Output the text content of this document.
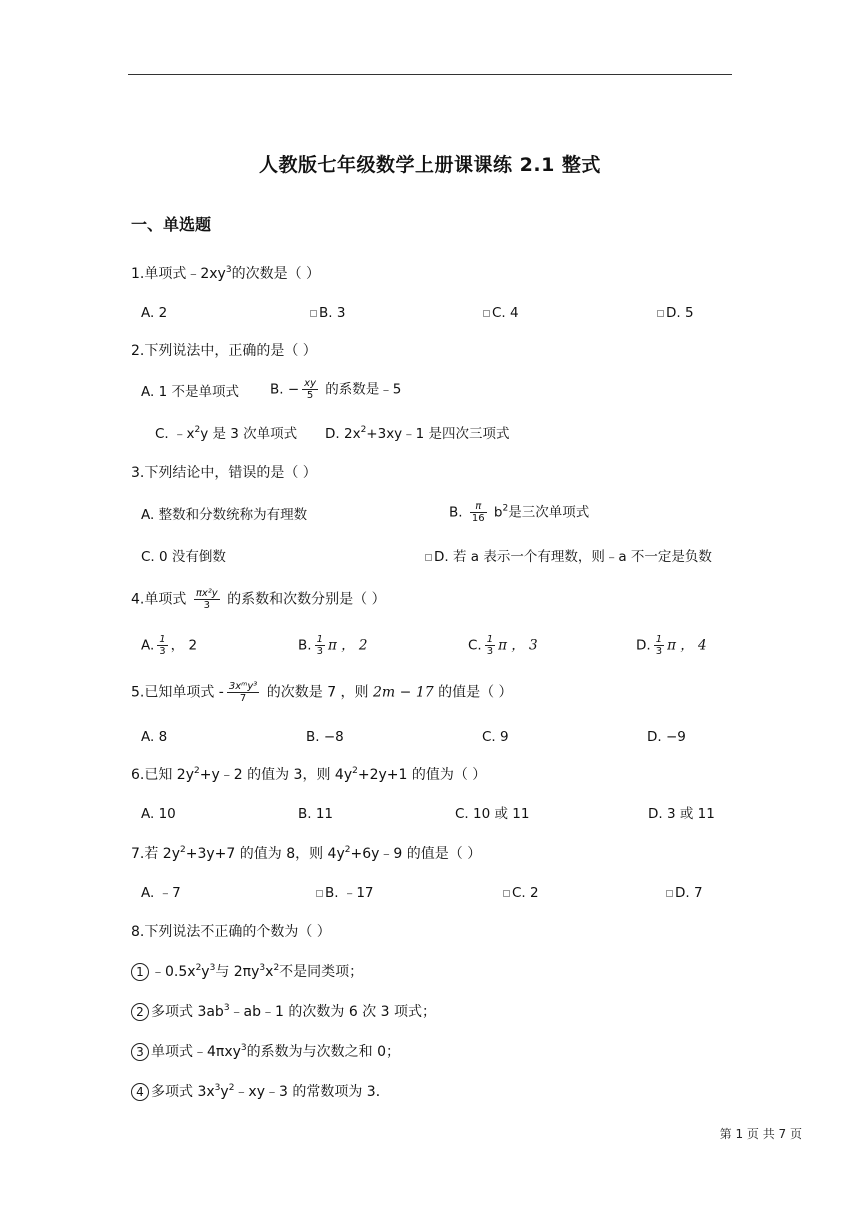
人教版七年级数学上册课课练 2.1 整式
一、单选题
1.单项式$﹣2xy^3$的次数是（ ）
A. 2	B. 3	C. 4	D. 5
2.下列说法中，正确的是（ ）
A. 1 不是单项式 B. − $\frac{xy}{5}$ 的系数是﹣5
C. $﹣x^2y$ 是 3 次单项式 D. $2x^2+3xy﹣1$ 是四次三项式
3.下列结论中，错误的是（ ）
A. 整数和分数统称为有理数	B. $\frac{\pi}{16} b^2$是三次单项式
C. 0 没有倒数	D. 若 a 表示一个有理数，则﹣a 不一定是负数
4.单项式 $\frac{\text{πx²y}}{3}$ 的系数和次数分别是（ ）
A. $\frac{1}{3}$ ， 2	B. $\frac{1}{3}$ π ， 2	C. $\frac{1}{3}$ π ， 3	D. $\frac{1}{3}$ π ， 4
5.已知单项式 - $\frac{\text{3xᵐy³}}{7}$ 的次数是 7 ，则 2m − 17 的值是（ ）
A. 8	B. −8	C. 9	D. −9
6.已知 $2y^2+y﹣2$ 的值为 3，则 $4y^2+2y+1$ 的值为（ ）
A. 10	B. 11	C. 10 或 11	D. 3 或 11
7.若 $2y^2+3y+7$ 的值为 8，则 $4y^2+6y﹣9$ 的值是（ ）
A. ﹣7	B. ﹣17	C. 2	D. 7
8.下列说法不正确的个数为（ ）
1 $﹣0.5x^2y^3$与 $2\pi y^3x^2$不是同类项；
2 多项式 $3ab^3﹣ab﹣1$ 的次数为 6 次 3 项式；
3 单项式﹣4πxy$^3$的系数为与次数之和 0；
4 多项式 $3x^3y^2﹣xy﹣3$ 的常数项为 3．
第 1 页 共 7 页
